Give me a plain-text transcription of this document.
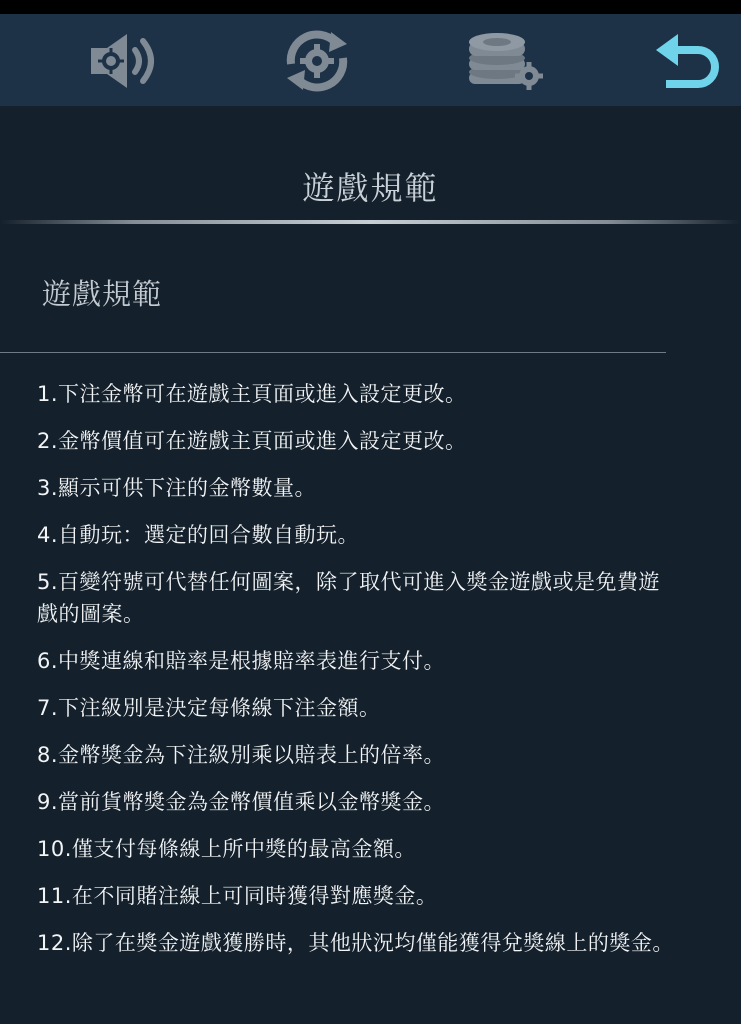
遊戲規範
遊戲規範
1.下注金幣可在遊戲主頁面或進入設定更改。
2.金幣價值可在遊戲主頁面或進入設定更改。
3.顯示可供下注的金幣數量。
4.自動玩：選定的回合數自動玩。
5.百變符號可代替任何圖案，除了取代可進入獎金遊戲或是免費遊戲的圖案。
6.中獎連線和賠率是根據賠率表進行支付。
7.下注級別是決定每條線下注金額。
8.金幣獎金為下注級別乘以賠表上的倍率。
9.當前貨幣獎金為金幣價值乘以金幣獎金。
10.僅支付每條線上所中獎的最高金額。
11.在不同賭注線上可同時獲得對應獎金。
12.除了在獎金遊戲獲勝時，其他狀況均僅能獲得兌獎線上的獎金。
